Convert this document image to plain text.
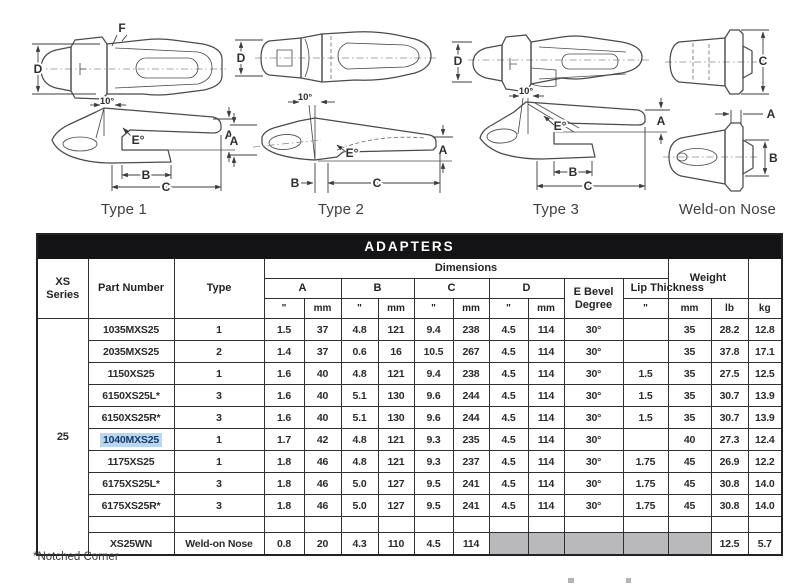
D
F
10°
E°	A
B
C
Type 1
D
10°
E°
A
A
B	C
Type 2
D
10°
E°	A
B
C
Type 3
C
A
B
Weld-on Nose
ADAPTERS															
XS Series	Part Number	Type	Dimensions										Weight		
			A		B		C		D		E Bevel Degree	Lip Thickness			
			"	mm	"	mm	"	mm	"	mm		"	mm	lb	kg
25	1035MXS25	1	1.5	37	4.8	121	9.4	238	4.5	114	30°		35	28.2	12.8
	2035MXS25	2	1.4	37	0.6	16	10.5	267	4.5	114	30°		35	37.8	17.1
	1150XS25	1	1.6	40	4.8	121	9.4	238	4.5	114	30°	1.5	35	27.5	12.5
	6150XS25L*	3	1.6	40	5.1	130	9.6	244	4.5	114	30°	1.5	35	30.7	13.9
	6150XS25R*	3	1.6	40	5.1	130	9.6	244	4.5	114	30°	1.5	35	30.7	13.9
	1040MXS25	1	1.7	42	4.8	121	9.3	235	4.5	114	30°		40	27.3	12.4
	1175XS25	1	1.8	46	4.8	121	9.3	237	4.5	114	30°	1.75	45	26.9	12.2
	6175XS25L*	3	1.8	46	5.0	127	9.5	241	4.5	114	30°	1.75	45	30.8	14.0
	6175XS25R*	3	1.8	46	5.0	127	9.5	241	4.5	114	30°	1.75	45	30.8	14.0

	XS25WN	Weld-on Nose	0.8	20	4.3	110	4.5	114						12.5	5.7
*Notched Corner
